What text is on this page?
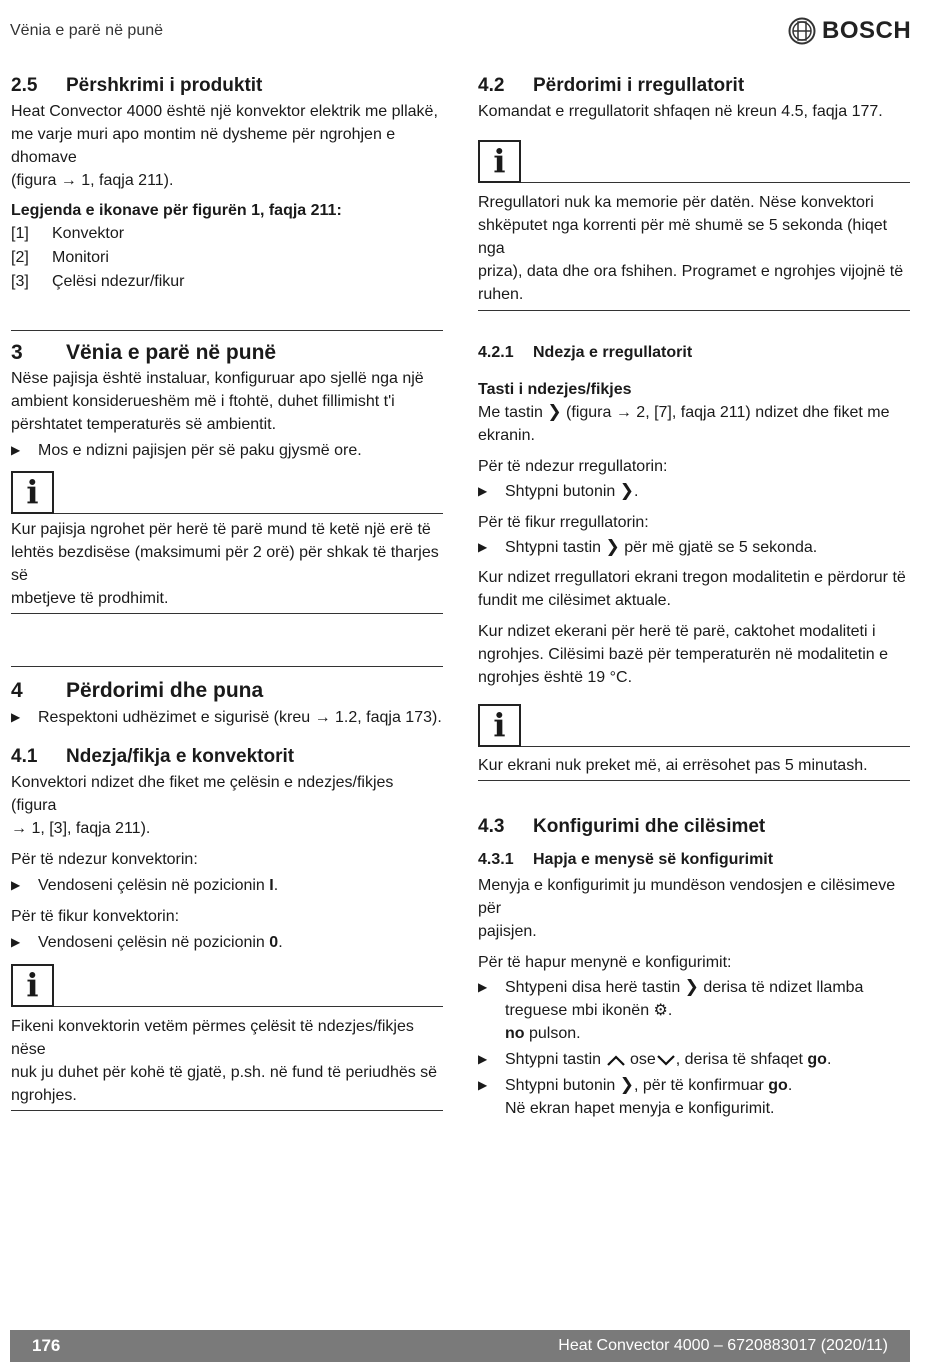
Vënia e parë në punë	BOSCH
2.5	Përshkrimi i produktit
Heat Convector 4000 është një konvektor elektrik me pllakë,
me varje muri apo montim në dysheme për ngrohjen e dhomave
(figura → 1, faqja 211).
Legjenda e ikonave për figurën 1, faqja 211:
[1]	Konvektor
[2]	Monitori
[3]	Çelësi ndezur/fikur
3	Vënia e parë në punë
Nëse pajisja është instaluar, konfiguruar apo sjellë nga një
ambient konsiderueshëm më i ftohtë, duhet fillimisht t'i
përshtatet temperaturës së ambientit.
▶	Mos e ndizni pajisjen për së paku gjysmë ore.
i
Kur pajisja ngrohet për herë të parë mund të ketë një erë të
lehtës bezdisëse (maksimumi për 2 orë) për shkak të tharjes së
mbetjeve të prodhimit.
4	Përdorimi dhe puna
▶	Respektoni udhëzimet e sigurisë (kreu → 1.2, faqja 173).
4.1	Ndezja/fikja e konvektorit
Konvektori ndizet dhe fiket me çelësin e ndezjes/fikjes (figura
→ 1, [3], faqja 211).
Për të ndezur konvektorin:
▶	Vendoseni çelësin në pozicionin I.
Për të fikur konvektorin:
▶	Vendoseni çelësin në pozicionin 0.
i
Fikeni konvektorin vetëm përmes çelësit të ndezjes/fikjes nëse
nuk ju duhet për kohë të gjatë, p.sh. në fund të periudhës së
ngrohjes.
4.2	Përdorimi i rregullatorit
Komandat e rregullatorit shfaqen në kreun 4.5, faqja 177.
i
Rregullatori nuk ka memorie për datën. Nëse konvektori
shkëputet nga korrenti për më shumë se 5 sekonda (hiqet nga
priza), data dhe ora fshihen. Programet e ngrohjes vijojnë të
ruhen.
4.2.1	Ndezja e rregullatorit
Tasti i ndezjes/fikjes
Me tastin ❯ (figura → 2, [7], faqja 211) ndizet dhe fiket me
ekranin.
Për të ndezur rregullatorin:
▶	Shtypni butonin ❯.
Për të fikur rregullatorin:
▶	Shtypni tastin ❯ për më gjatë se 5 sekonda.
Kur ndizet rregullatori ekrani tregon modalitetin e përdorur të
fundit me cilësimet aktuale.
Kur ndizet ekerani për herë të parë, caktohet modaliteti i
ngrohjes. Cilësimi bazë për temperaturën në modalitetin e
ngrohjes është 19 °C.
i
Kur ekrani nuk preket më, ai errësohet pas 5 minutash.
4.3	Konfigurimi dhe cilësimet
4.3.1	Hapja e menysë së konfigurimit
Menyja e konfigurimit ju mundëson vendosjen e cilësimeve për
pajisjen.
Për të hapur menynë e konfigurimit:
▶	Shtypeni disa herë tastin ❯ derisa të ndizet llamba
treguese mbi ikonën ⚙.
no pulson.
▶	Shtypni tastin  ose , derisa të shfaqet go.
▶	Shtypni butonin ❯, për të konfirmuar go.
Në ekran hapet menyja e konfigurimit.
176	Heat Convector 4000 – 6720883017 (2020/11)
